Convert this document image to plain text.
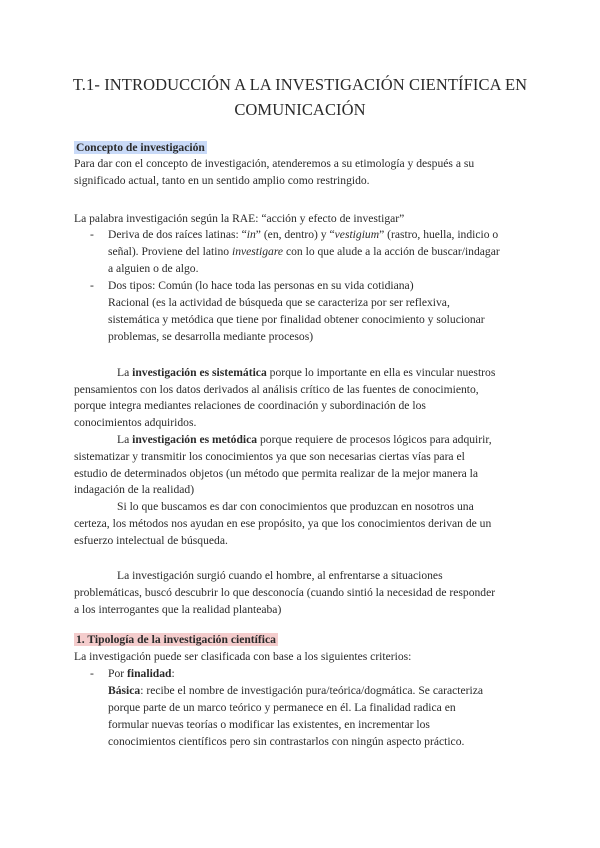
T.1- INTRODUCCIÓN A LA INVESTIGACIÓN CIENTÍFICA EN
COMUNICACIÓN
Concepto de investigación
Para dar con el concepto de investigación, atenderemos a su etimología y después a su
significado actual, tanto en un sentido amplio como restringido.
La palabra investigación según la RAE: “acción y efecto de investigar”
- Deriva de dos raíces latinas: “in” (en, dentro) y “vestigium” (rastro, huella, indicio o
señal). Proviene del latino investigare con lo que alude a la acción de buscar/indagar
a alguien o de algo.
- Dos tipos: Común (lo hace toda las personas en su vida cotidiana)
Racional (es la actividad de búsqueda que se caracteriza por ser reflexiva,
sistemática y metódica que tiene por finalidad obtener conocimiento y solucionar
problemas, se desarrolla mediante procesos)
La investigación es sistemática porque lo importante en ella es vincular nuestros
pensamientos con los datos derivados al análisis crítico de las fuentes de conocimiento,
porque integra mediantes relaciones de coordinación y subordinación de los
conocimientos adquiridos.
La investigación es metódica porque requiere de procesos lógicos para adquirir,
sistematizar y transmitir los conocimientos ya que son necesarias ciertas vías para el
estudio de determinados objetos (un método que permita realizar de la mejor manera la
indagación de la realidad)
Si lo que buscamos es dar con conocimientos que produzcan en nosotros una
certeza, los métodos nos ayudan en ese propósito, ya que los conocimientos derivan de un
esfuerzo intelectual de búsqueda.
La investigación surgió cuando el hombre, al enfrentarse a situaciones
problemáticas, buscó descubrir lo que desconocía (cuando sintió la necesidad de responder
a los interrogantes que la realidad planteaba)
1. Tipología de la investigación científica
La investigación puede ser clasificada con base a los siguientes criterios:
- Por finalidad:
Básica: recibe el nombre de investigación pura/teórica/dogmática. Se caracteriza
porque parte de un marco teórico y permanece en él. La finalidad radica en
formular nuevas teorías o modificar las existentes, en incrementar los
conocimientos científicos pero sin contrastarlos con ningún aspecto práctico.
